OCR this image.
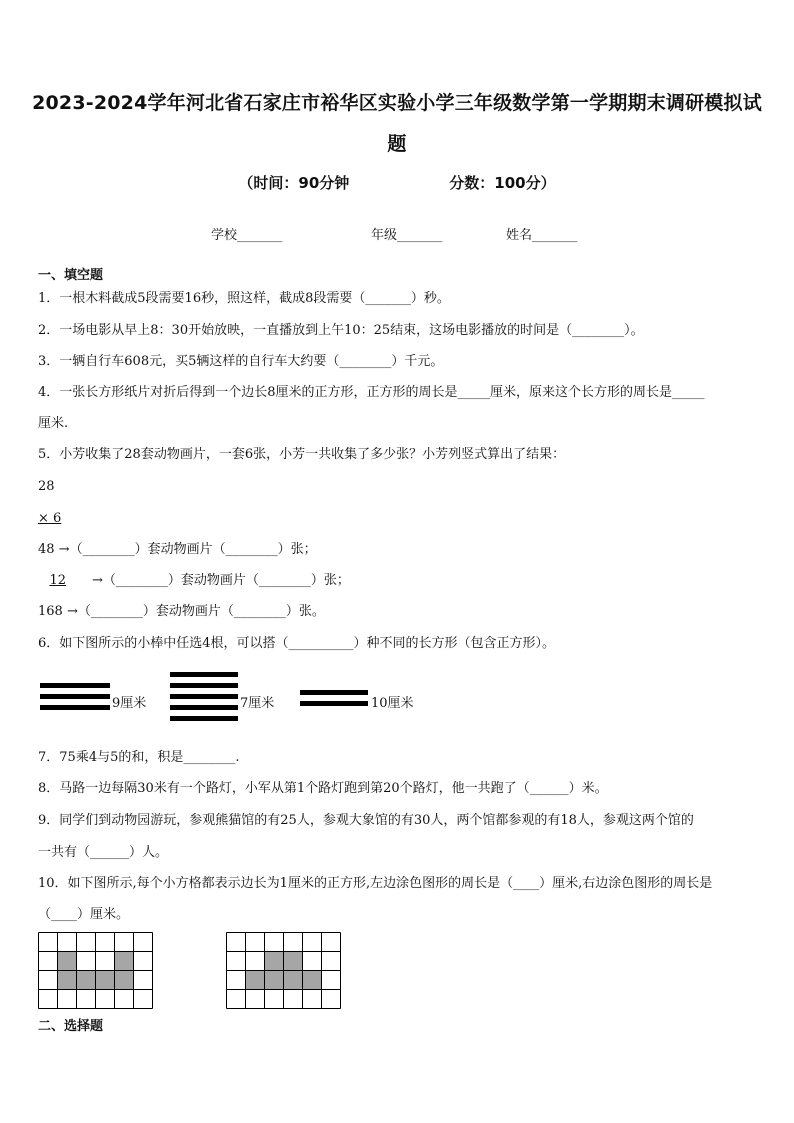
2023-2024学年河北省石家庄市裕华区实验小学三年级数学第一学期期末调研模拟试
题
（时间：90分钟	分数：100分）
学校_______	年级_______	姓名_______
一、填空题
1．一根木料截成5段需要16秒，照这样，截成8段需要（_______）秒。
2．一场电影从早上8：30开始放映，一直播放到上午10：25结束，这场电影播放的时间是（________）。
3．一辆自行车608元，买5辆这样的自行车大约要（________）千元。
4．一张长方形纸片对折后得到一个边长8厘米的正方形，正方形的周长是_____厘米，原来这个长方形的周长是_____
厘米.
5．小芳收集了28套动物画片，一套6张，小芳一共收集了多少张？小芳列竖式算出了结果：
28
× 6
48 →（________）套动物画片（________）张；
12 →（________）套动物画片（________）张；
168 →（________）套动物画片（________）张。
6．如下图所示的小棒中任选4根，可以搭（__________）种不同的长方形（包含正方形）。
9厘米	7厘米	10厘米
7．75乘4与5的和，积是________.
8．马路一边每隔30米有一个路灯，小军从第1个路灯跑到第20个路灯，他一共跑了（______）米。
9．同学们到动物园游玩，参观熊猫馆的有25人，参观大象馆的有30人，两个馆都参观的有18人，参观这两个馆的
一共有（______）人。
10．如下图所示,每个小方格都表示边长为1厘米的正方形,左边涂色图形的周长是（____）厘米,右边涂色图形的周长是
（____）厘米。
二、选择题
